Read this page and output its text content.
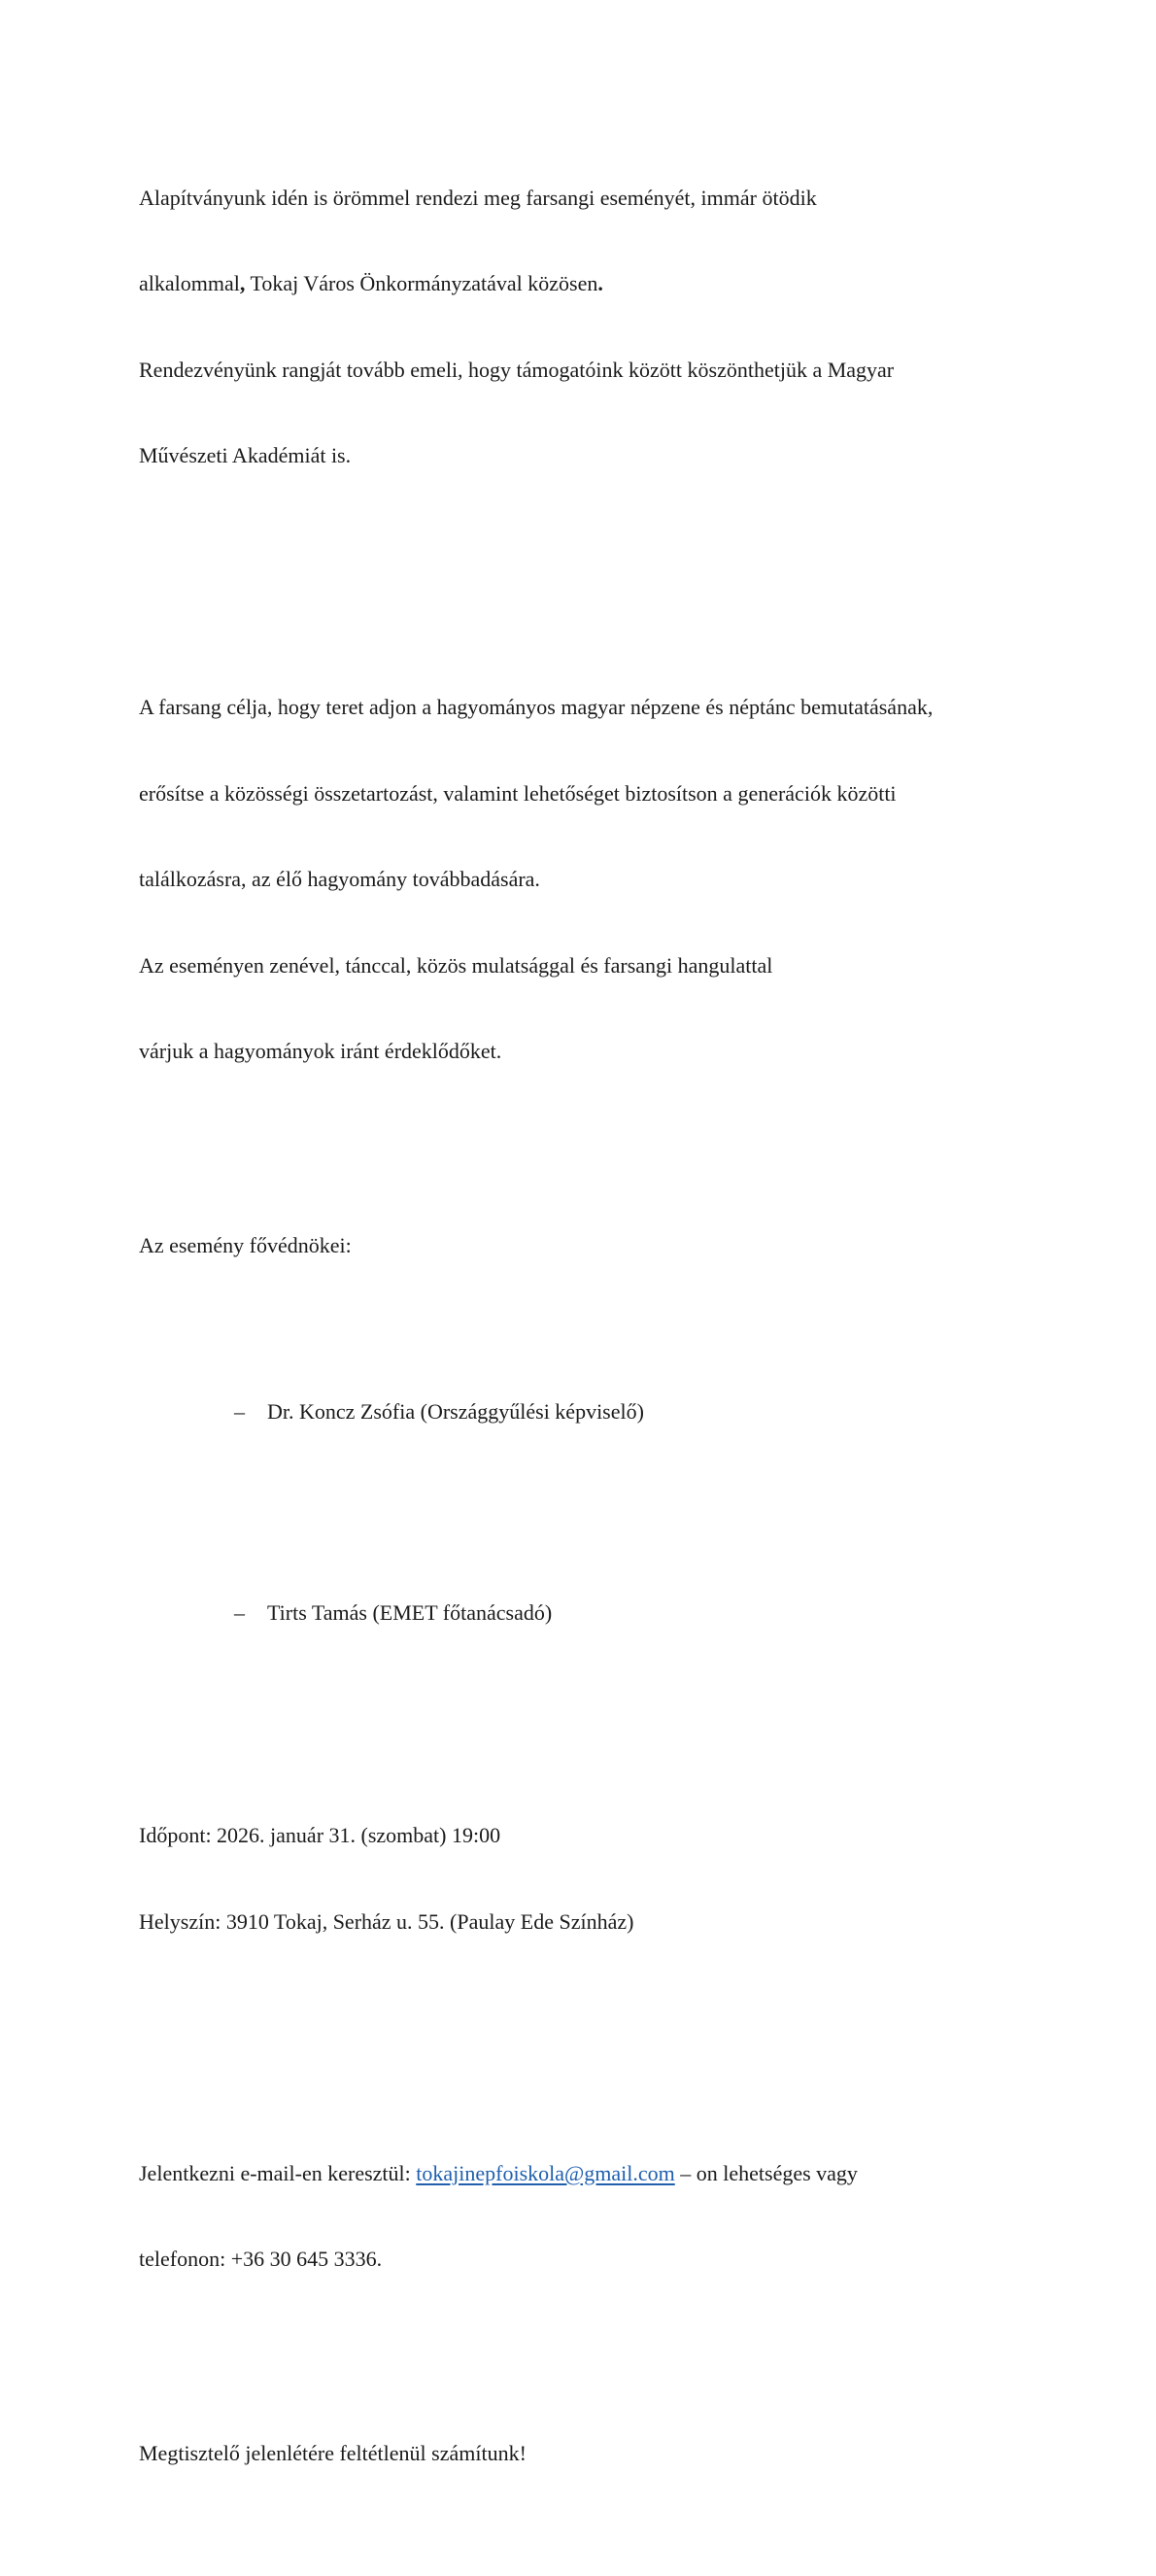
Alapítványunk idén is örömmel rendezi meg farsangi eseményét, immár ötödik

alkalommal, Tokaj Város Önkormányzatával közösen.

Rendezvényünk rangját tovább emeli, hogy támogatóink között köszönthetjük a Magyar

Művészeti Akadémiát is.

A farsang célja, hogy teret adjon a hagyományos magyar népzene és néptánc bemutatásának,

erősítse a közösségi összetartozást, valamint lehetőséget biztosítson a generációk közötti

találkozásra, az élő hagyomány továbbadására.

Az eseményen zenével, tánccal, közös mulatsággal és farsangi hangulattal

várjuk a hagyományok iránt érdeklődőket.

Az esemény fővédnökei:

– Dr. Koncz Zsófia (Országgyűlési képviselő)

– Tirts Tamás (EMET főtanácsadó)

Időpont: 2026. január 31. (szombat) 19:00

Helyszín: 3910 Tokaj, Serház u. 55. (Paulay Ede Színház)

Jelentkezni e-mail-en keresztül: tokajinepfoiskola@gmail.com – on lehetséges vagy

telefonon: +36 30 645 3336.

Megtisztelő jelenlétére feltétlenül számítunk!
